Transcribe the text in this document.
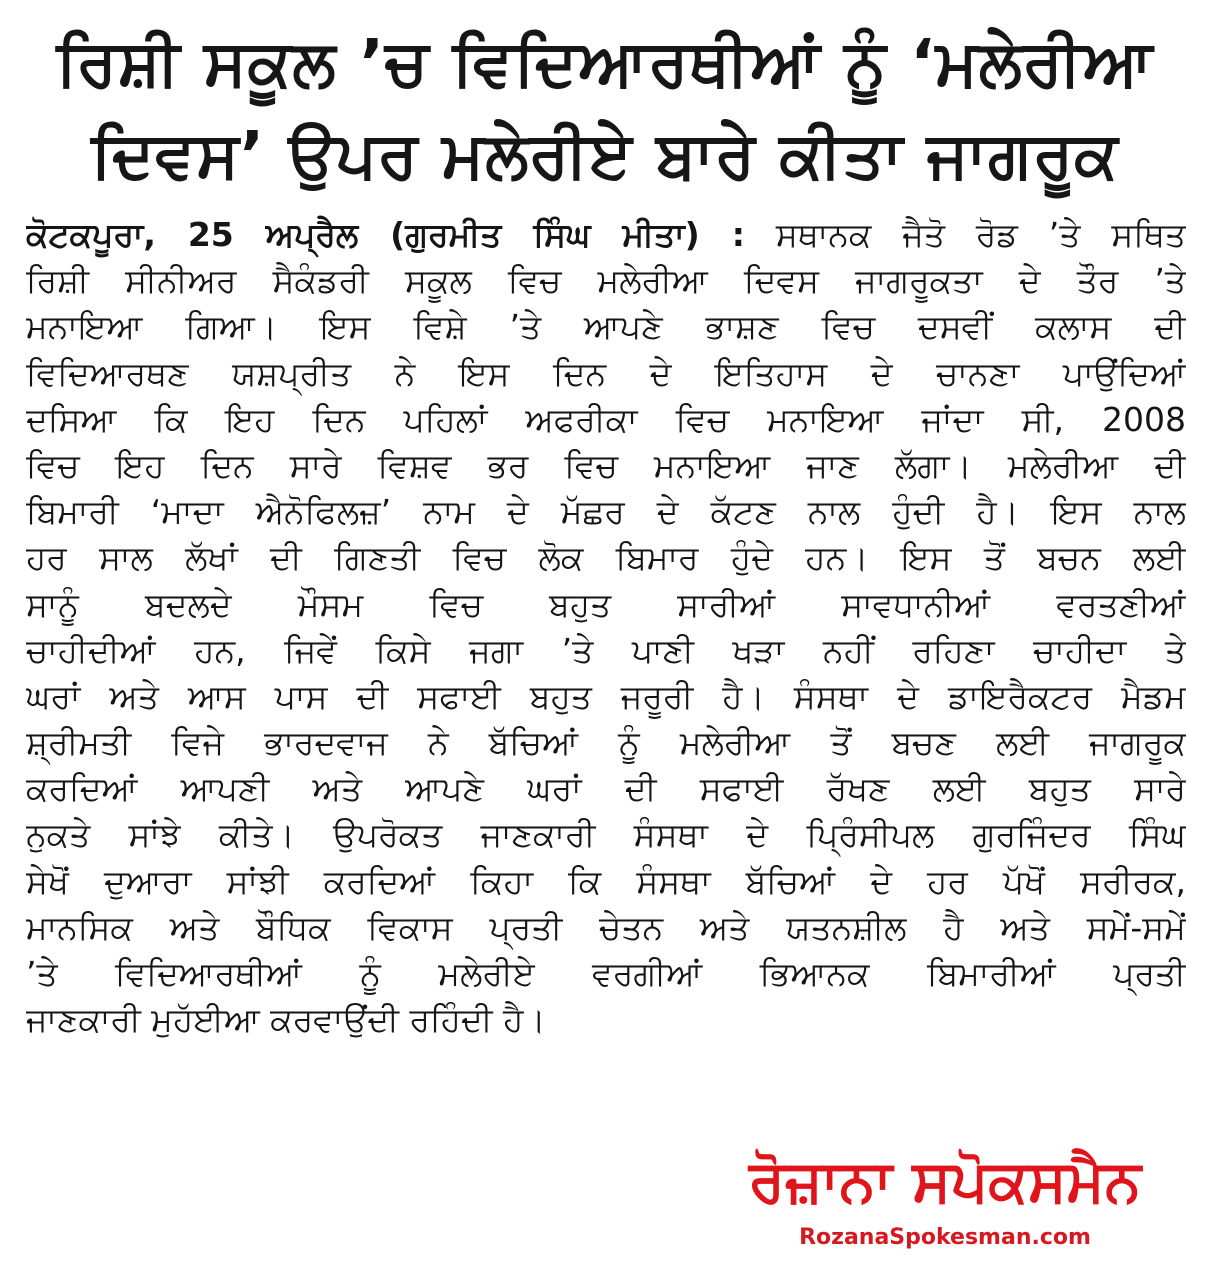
ਰਿਸ਼ੀ ਸਕੂਲ ’ਚ ਵਿਦਿਆਰਥੀਆਂ ਨੂੰ ‘ਮਲੇਰੀਆ
ਦਿਵਸ’ ਉਪਰ ਮਲੇਰੀਏ ਬਾਰੇ ਕੀਤਾ ਜਾਗਰੂਕ
ਕੋਟਕਪੂਰਾ, 25 ਅਪ੍ਰੈਲ (ਗੁਰਮੀਤ ਸਿੰਘ ਮੀਤਾ) : ਸਥਾਨਕ ਜੈਤੋ ਰੋਡ ’ਤੇ ਸਥਿਤ
ਰਿਸ਼ੀ ਸੀਨੀਅਰ ਸੈਕੰਡਰੀ ਸਕੂਲ ਵਿਚ ਮਲੇਰੀਆ ਦਿਵਸ ਜਾਗਰੂਕਤਾ ਦੇ ਤੌਰ ’ਤੇ
ਮਨਾਇਆ ਗਿਆ। ਇਸ ਵਿਸ਼ੇ ’ਤੇ ਆਪਣੇ ਭਾਸ਼ਣ ਵਿਚ ਦਸਵੀਂ ਕਲਾਸ ਦੀ
ਵਿਦਿਆਰਥਣ ਯਸ਼ਪ੍ਰੀਤ ਨੇ ਇਸ ਦਿਨ ਦੇ ਇਤਿਹਾਸ ਦੇ ਚਾਨਣਾ ਪਾਉਂਦਿਆਂ
ਦਸਿਆ ਕਿ ਇਹ ਦਿਨ ਪਹਿਲਾਂ ਅਫਰੀਕਾ ਵਿਚ ਮਨਾਇਆ ਜਾਂਦਾ ਸੀ, 2008
ਵਿਚ ਇਹ ਦਿਨ ਸਾਰੇ ਵਿਸ਼ਵ ਭਰ ਵਿਚ ਮਨਾਇਆ ਜਾਣ ਲੱਗਾ। ਮਲੇਰੀਆ ਦੀ
ਬਿਮਾਰੀ ‘ਮਾਦਾ ਐਨੋਫਿਲਜ਼’ ਨਾਮ ਦੇ ਮੱਛਰ ਦੇ ਕੱਟਣ ਨਾਲ ਹੁੰਦੀ ਹੈ। ਇਸ ਨਾਲ
ਹਰ ਸਾਲ ਲੱਖਾਂ ਦੀ ਗਿਣਤੀ ਵਿਚ ਲੋਕ ਬਿਮਾਰ ਹੁੰਦੇ ਹਨ। ਇਸ ਤੋਂ ਬਚਨ ਲਈ
ਸਾਨੂੰ ਬਦਲਦੇ ਮੌਸਮ ਵਿਚ ਬਹੁਤ ਸਾਰੀਆਂ ਸਾਵਧਾਨੀਆਂ ਵਰਤਣੀਆਂ
ਚਾਹੀਦੀਆਂ ਹਨ, ਜਿਵੇਂ ਕਿਸੇ ਜਗਾ ’ਤੇ ਪਾਣੀ ਖੜਾ ਨਹੀਂ ਰਹਿਣਾ ਚਾਹੀਦਾ ਤੇ
ਘਰਾਂ ਅਤੇ ਆਸ ਪਾਸ ਦੀ ਸਫਾਈ ਬਹੁਤ ਜਰੂਰੀ ਹੈ। ਸੰਸਥਾ ਦੇ ਡਾਇਰੈਕਟਰ ਮੈਡਮ
ਸ਼੍ਰੀਮਤੀ ਵਿਜੇ ਭਾਰਦਵਾਜ ਨੇ ਬੱਚਿਆਂ ਨੂੰ ਮਲੇਰੀਆ ਤੋਂ ਬਚਣ ਲਈ ਜਾਗਰੂਕ
ਕਰਦਿਆਂ ਆਪਣੀ ਅਤੇ ਆਪਣੇ ਘਰਾਂ ਦੀ ਸਫਾਈ ਰੱਖਣ ਲਈ ਬਹੁਤ ਸਾਰੇ
ਨੁਕਤੇ ਸਾਂਝੇ ਕੀਤੇ। ਉਪਰੋਕਤ ਜਾਣਕਾਰੀ ਸੰਸਥਾ ਦੇ ਪ੍ਰਿੰਸੀਪਲ ਗੁਰਜਿੰਦਰ ਸਿੰਘ
ਸੇਖੋਂ ਦੁਆਰਾ ਸਾਂਝੀ ਕਰਦਿਆਂ ਕਿਹਾ ਕਿ ਸੰਸਥਾ ਬੱਚਿਆਂ ਦੇ ਹਰ ਪੱਖੋਂ ਸਰੀਰਕ,
ਮਾਨਸਿਕ ਅਤੇ ਬੌਧਿਕ ਵਿਕਾਸ ਪ੍ਰਤੀ ਚੇਤਨ ਅਤੇ ਯਤਨਸ਼ੀਲ ਹੈ ਅਤੇ ਸਮੇਂ-ਸਮੇਂ
’ਤੇ ਵਿਦਿਆਰਥੀਆਂ ਨੂੰ ਮਲੇਰੀਏ ਵਰਗੀਆਂ ਭਿਆਨਕ ਬਿਮਾਰੀਆਂ ਪ੍ਰਤੀ
ਜਾਣਕਾਰੀ ਮੁਹੱਈਆ ਕਰਵਾਉਂਦੀ ਰਹਿੰਦੀ ਹੈ।
ਰੋਜ਼ਾਨਾ ਸਪੋਕਸਮੈਨ
RozanaSpokesman.com
